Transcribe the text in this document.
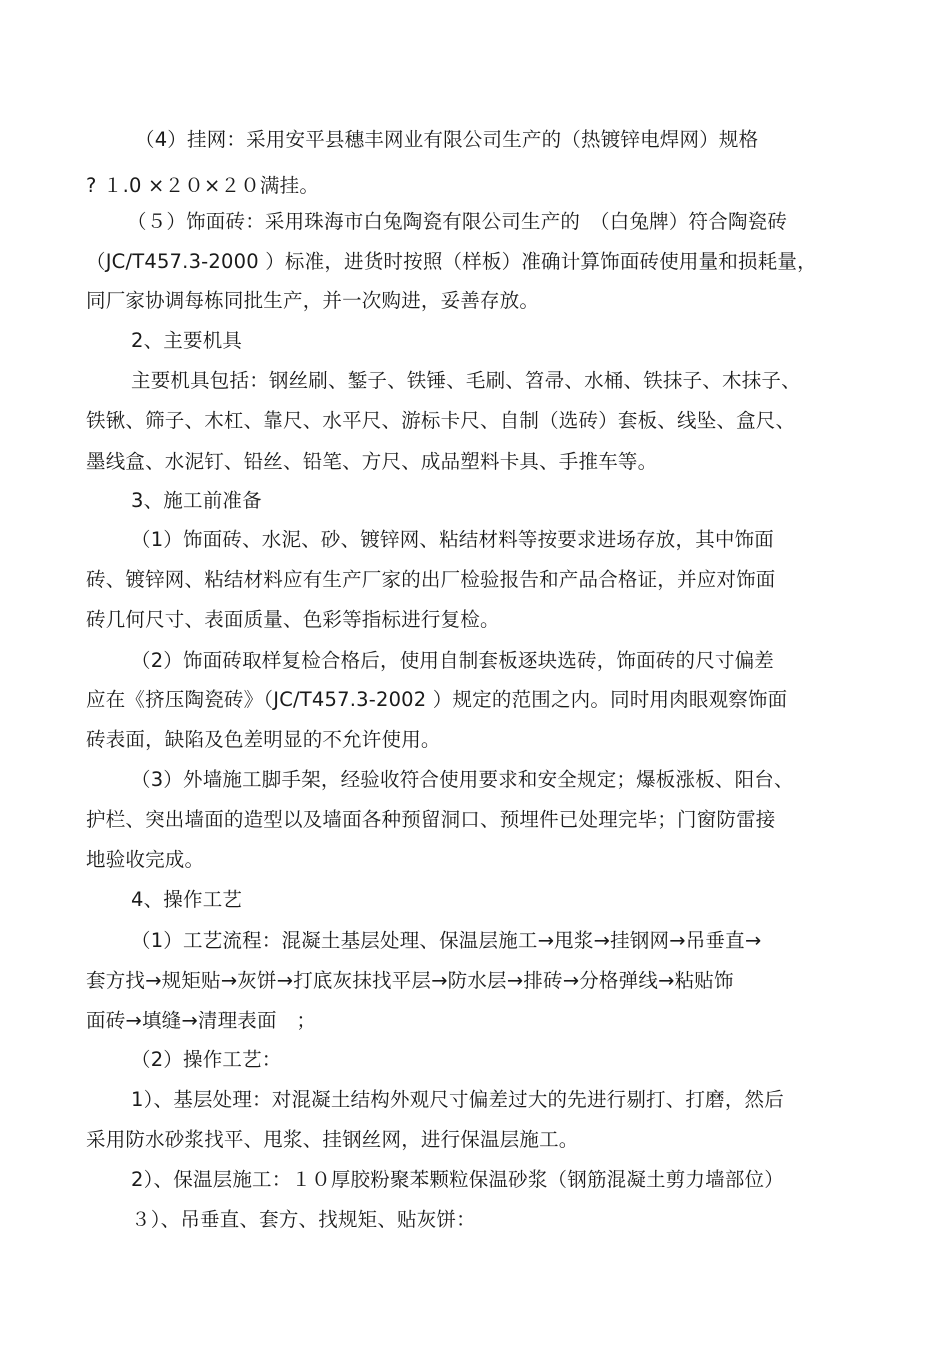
（4）挂网：采用安平县穗丰网业有限公司生产的（热镀锌电焊网）规格
? １.0 ×２０×２０满挂。
（５）饰面砖：采用珠海市白兔陶瓷有限公司生产的　（白兔牌）符合陶瓷砖
（JC/T457.3-2000 ）标准，进货时按照（样板）准确计算饰面砖使用量和损耗量，
同厂家协调每栋同批生产，并一次购进，妥善存放。
2、主要机具
主要机具包括：钢丝刷、錾子、铁锤、毛刷、笤帚、水桶、铁抹子、木抹子、
铁锹、筛子、木杠、靠尺、水平尺、游标卡尺、自制（选砖）套板、线坠、盒尺、
墨线盒、水泥钉、铅丝、铅笔、方尺、成品塑料卡具、手推车等。
3、施工前准备
（1）饰面砖、水泥、砂、镀锌网、粘结材料等按要求进场存放，其中饰面
砖、镀锌网、粘结材料应有生产厂家的出厂检验报告和产品合格证，并应对饰面
砖几何尺寸、表面质量、色彩等指标进行复检。
（2）饰面砖取样复检合格后，使用自制套板逐块选砖，饰面砖的尺寸偏差
应在《挤压陶瓷砖》（JC/T457.3-2002 ）规定的范围之内。同时用肉眼观察饰面
砖表面，缺陷及色差明显的不允许使用。
（3）外墙施工脚手架，经验收符合使用要求和安全规定；爆板涨板、阳台、
护栏、突出墙面的造型以及墙面各种预留洞口、预埋件已处理完毕；门窗防雷接
地验收完成。
4、操作工艺
（1）工艺流程：混凝土基层处理、保温层施工→甩浆→挂钢网→吊垂直→
套方找→规矩贴→灰饼→打底灰抹找平层→防水层→排砖→分格弹线→粘贴饰
面砖→填缝→清理表面　；
（2）操作工艺：
1）、基层处理：对混凝土结构外观尺寸偏差过大的先进行剔打、打磨，然后
采用防水砂浆找平、甩浆、挂钢丝网，进行保温层施工。
2）、保温层施工：１０厚胶粉聚苯颗粒保温砂浆（钢筋混凝土剪力墙部位）
３）、吊垂直、套方、找规矩、贴灰饼：
